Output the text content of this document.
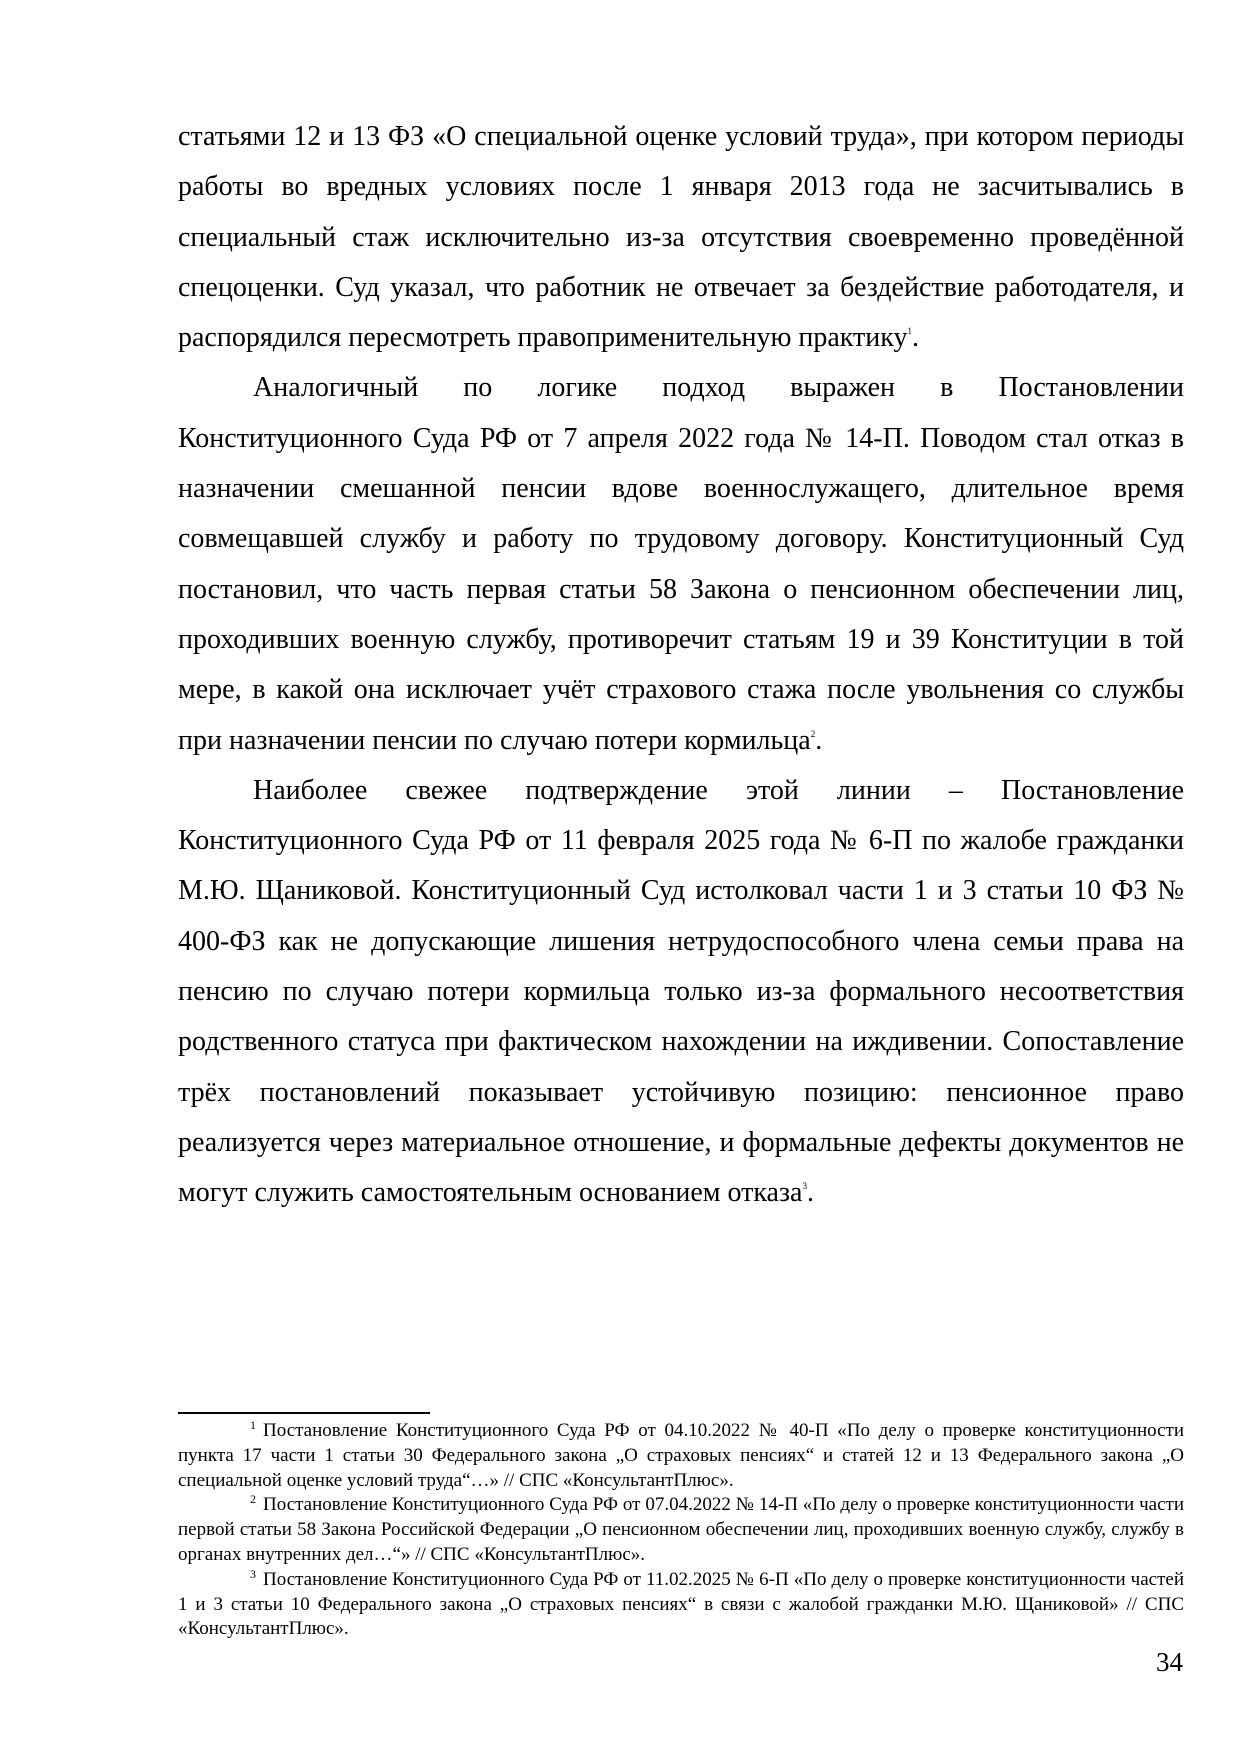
статьями 12 и 13 ФЗ «О специальной оценке условий труда», при котором периоды работы во вредных условиях после 1 января 2013 года не засчитывались в специальный стаж исключительно из-за отсутствия своевременно проведённой спецоценки. Суд указал, что работник не отвечает за бездействие работодателя, и распорядился пересмотреть правоприменительную практику$^1$.

Аналогичный по логике подход выражен в Постановлении Конституционного Суда РФ от 7 апреля 2022 года № 14-П. Поводом стал отказ в назначении смешанной пенсии вдове военнослужащего, длительное время совмещавшей службу и работу по трудовому договору. Конституционный Суд постановил, что часть первая статьи 58 Закона о пенсионном обеспечении лиц, проходивших военную службу, противоречит статьям 19 и 39 Конституции в той мере, в какой она исключает учёт страхового стажа после увольнения со службы при назначении пенсии по случаю потери кормильца$^2$.

Наиболее свежее подтверждение этой линии – Постановление Конституционного Суда РФ от 11 февраля 2025 года № 6-П по жалобе гражданки М.Ю. Щаниковой. Конституционный Суд истолковал части 1 и 3 статьи 10 ФЗ № 400-ФЗ как не допускающие лишения нетрудоспособного члена семьи права на пенсию по случаю потери кормильца только из-за формального несоответствия родственного статуса при фактическом нахождении на иждивении. Сопоставление трёх постановлений показывает устойчивую позицию: пенсионное право реализуется через материальное отношение, и формальные дефекты документов не могут служить самостоятельным основанием отказа$^3$.

$^1$ Постановление Конституционного Суда РФ от 04.10.2022 № 40-П «По делу о проверке конституционности пункта 17 части 1 статьи 30 Федерального закона „О страховых пенсиях“ и статей 12 и 13 Федерального закона „О специальной оценке условий труда“…» // СПС «КонсультантПлюс».

$^2$ Постановление Конституционного Суда РФ от 07.04.2022 № 14-П «По делу о проверке конституционности части первой статьи 58 Закона Российской Федерации „О пенсионном обеспечении лиц, проходивших военную службу, службу в органах внутренних дел…“» // СПС «КонсультантПлюс».

$^3$ Постановление Конституционного Суда РФ от 11.02.2025 № 6-П «По делу о проверке конституционности частей 1 и 3 статьи 10 Федерального закона „О страховых пенсиях“ в связи с жалобой гражданки М.Ю. Щаниковой» // СПС «КонсультантПлюс».

34
